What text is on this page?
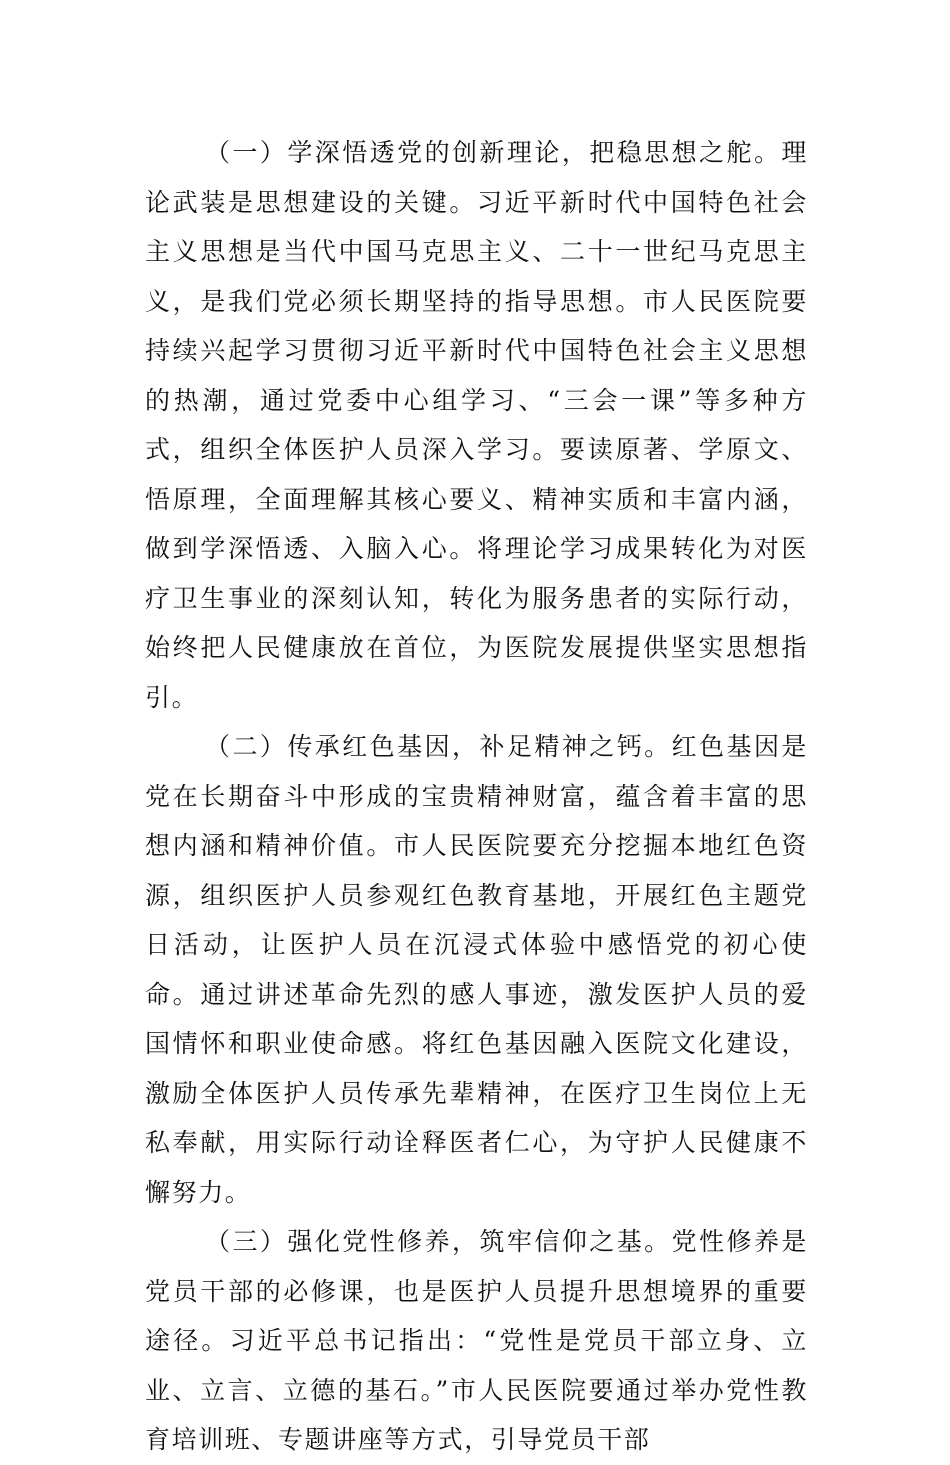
（一）学深悟透党的创新理论，把稳思想之舵。理论武装是思想建设的关键。习近平新时代中国特色社会主义思想是当代中国马克思主义、二十一世纪马克思主义，是我们党必须长期坚持的指导思想。市人民医院要持续兴起学习贯彻习近平新时代中国特色社会主义思想的热潮，通过党委中心组学习、“三会一课”等多种方式，组织全体医护人员深入学习。要读原著、学原文、悟原理，全面理解其核心要义、精神实质和丰富内涵，做到学深悟透、入脑入心。将理论学习成果转化为对医疗卫生事业的深刻认知，转化为服务患者的实际行动，始终把人民健康放在首位，为医院发展提供坚实思想指引。

（二）传承红色基因，补足精神之钙。红色基因是党在长期奋斗中形成的宝贵精神财富，蕴含着丰富的思想内涵和精神价值。市人民医院要充分挖掘本地红色资源，组织医护人员参观红色教育基地，开展红色主题党日活动，让医护人员在沉浸式体验中感悟党的初心使命。通过讲述革命先烈的感人事迹，激发医护人员的爱国情怀和职业使命感。将红色基因融入医院文化建设，激励全体医护人员传承先辈精神，在医疗卫生岗位上无私奉献，用实际行动诠释医者仁心，为守护人民健康不懈努力。

（三）强化党性修养，筑牢信仰之基。党性修养是党员干部的必修课，也是医护人员提升思想境界的重要途径。习近平总书记指出：“党性是党员干部立身、立业、立言、立德的基石。”市人民医院要通过举办党性教育培训班、专题讲座等方式，引导党员干部
